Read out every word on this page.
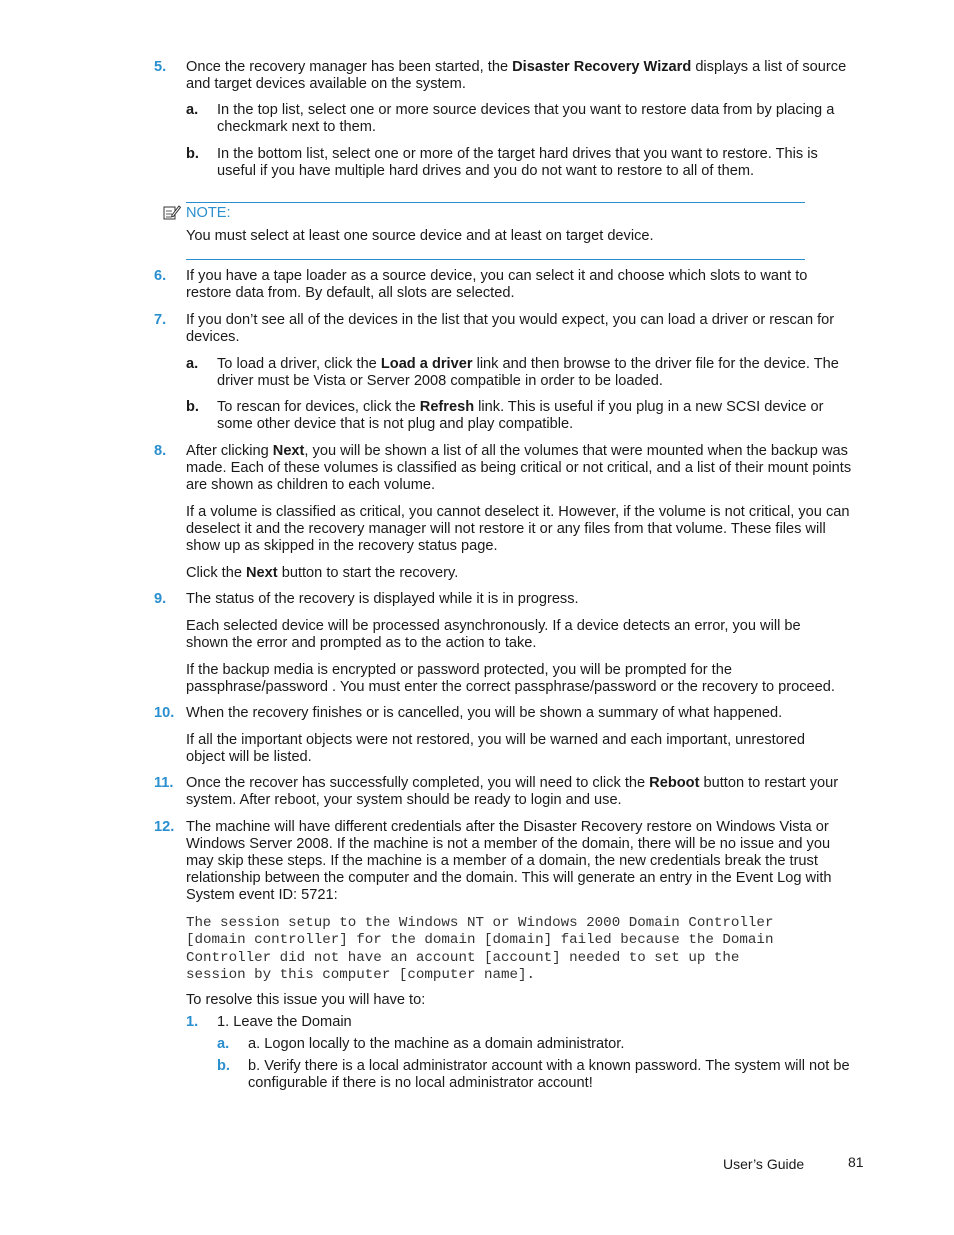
5. Once the recovery manager has been started, the Disaster Recovery Wizard displays a list of source and target devices available on the system.
a. In the top list, select one or more source devices that you want to restore data from by placing a checkmark next to them.
b. In the bottom list, select one or more of the target hard drives that you want to restore. This is useful if you have multiple hard drives and you do not want to restore to all of them.
NOTE:
You must select at least one source device and at least on target device.
6. If you have a tape loader as a source device, you can select it and choose which slots to want to restore data from. By default, all slots are selected.
7. If you don’t see all of the devices in the list that you would expect, you can load a driver or rescan for devices.
a. To load a driver, click the Load a driver link and then browse to the driver file for the device. The driver must be Vista or Server 2008 compatible in order to be loaded.
b. To rescan for devices, click the Refresh link. This is useful if you plug in a new SCSI device or some other device that is not plug and play compatible.
8. After clicking Next, you will be shown a list of all the volumes that were mounted when the backup was made. Each of these volumes is classified as being critical or not critical, and a list of their mount points are shown as children to each volume.
If a volume is classified as critical, you cannot deselect it. However, if the volume is not critical, you can deselect it and the recovery manager will not restore it or any files from that volume. These files will show up as skipped in the recovery status page.
Click the Next button to start the recovery.
9. The status of the recovery is displayed while it is in progress.
Each selected device will be processed asynchronously. If a device detects an error, you will be shown the error and prompted as to the action to take.
If the backup media is encrypted or password protected, you will be prompted for the passphrase/password . You must enter the correct passphrase/password or the recovery to proceed.
10. When the recovery finishes or is cancelled, you will be shown a summary of what happened.
If all the important objects were not restored, you will be warned and each important, unrestored object will be listed.
11. Once the recover has successfully completed, you will need to click the Reboot button to restart your system. After reboot, your system should be ready to login and use.
12. The machine will have different credentials after the Disaster Recovery restore on Windows Vista or Windows Server 2008. If the machine is not a member of the domain, there will be no issue and you may skip these steps. If the machine is a member of a domain, the new credentials break the trust relationship between the computer and the domain. This will generate an entry in the Event Log with System event ID: 5721:
The session setup to the Windows NT or Windows 2000 Domain Controller
[domain controller] for the domain [domain] failed because the Domain
Controller did not have an account [account] needed to set up the
session by this computer [computer name].
To resolve this issue you will have to:
1. 1. Leave the Domain
a. a. Logon locally to the machine as a domain administrator.
b. b. Verify there is a local administrator account with a known password. The system will not be configurable if there is no local administrator account!
User’s Guide	81
